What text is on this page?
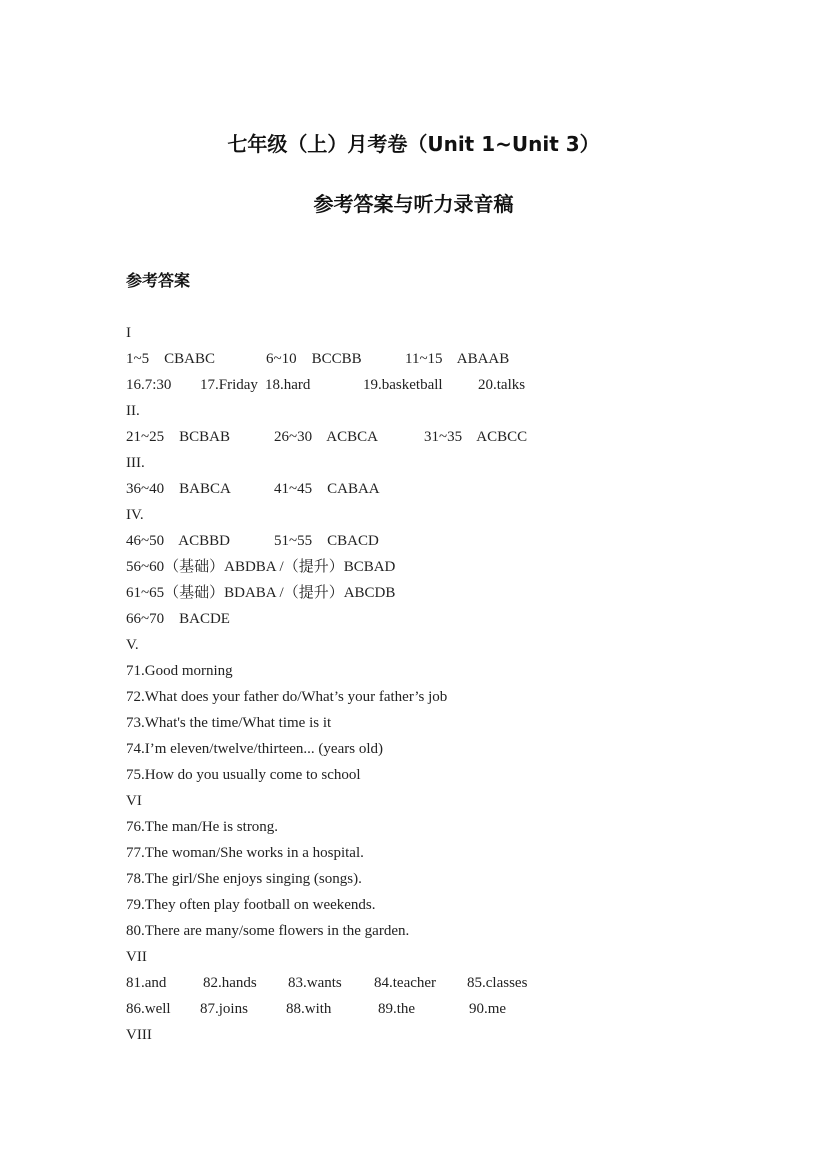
七年级（上）月考卷（Unit 1~Unit 3）
参考答案与听力录音稿
参考答案
I
1~5    CBABC	6~10    BCCBB	11~15    ABAAB
16.7:30 17.Friday 18.hard	19.basketball 20.talks
II.
21~25    BCBAB	26~30    ACBCA	31~35    ACBCC
III.
36~40    BABCA	41~45    CABAA
IV.
46~50    ACBBD	51~55    CBACD
56~60（基础）ABDBA /（提升）BCBAD
61~65（基础）BDABA /（提升）ABCDB
66~70    BACDE
V.
71.Good morning
72.What does your father do/What’s your father’s job
73.What's the time/What time is it
74.I’m eleven/twelve/thirteen... (years old)
75.How do you usually come to school
VI
76.The man/He is strong.
77.The woman/She works in a hospital.
78.The girl/She enjoys singing (songs).
79.They often play football on weekends.
80.There are many/some flowers in the garden.
VII
81.and 82.hands 83.wants 84.teacher 85.classes
86.well 87.joins	88.with	89.the	90.me
VIII
